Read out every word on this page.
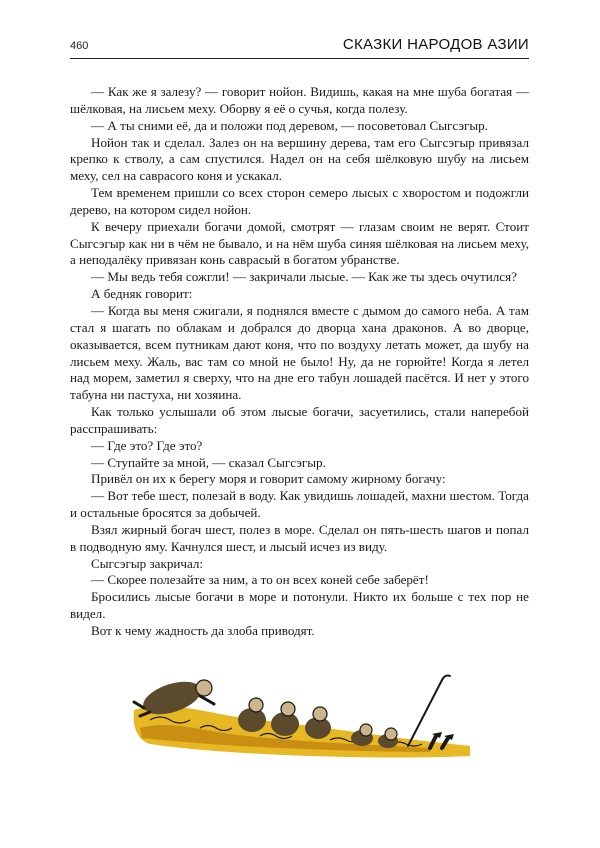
460	СКАЗКИ НАРОДОВ АЗИИ

— Как же я залезу? — говорит нойон. Видишь, какая на мне шуба богатая — шёлковая, на лисьем меху. Оборву я её о сучья, когда полезу.

— А ты сними её, да и положи под деревом, — посоветовал Сыгсэгыр.

Нойон так и сделал. Залез он на вершину дерева, там его Сыгсэгыр привязал крепко к стволу, а сам спустился. Надел он на себя шёлковую шубу на лисьем меху, сел на саврасого коня и ускакал.

Тем временем пришли со всех сторон семеро лысых с хворостом и подожгли дерево, на котором сидел нойон.

К вечеру приехали богачи домой, смотрят — глазам своим не верят. Стоит Сыгсэгыр как ни в чём не бывало, и на нём шуба синяя шёлковая на лисьем меху, а неподалёку привязан конь саврасый в богатом убранстве.

— Мы ведь тебя сожгли! — закричали лысые. — Как же ты здесь очутился?

А бедняк говорит:

— Когда вы меня сжигали, я поднялся вместе с дымом до самого неба. А там стал я шагать по облакам и добрался до дворца хана драконов. А во дворце, оказывается, всем путникам дают коня, что по воздуху летать может, да шубу на лисьем меху. Жаль, вас там со мной не было! Ну, да не горюйте! Когда я летел над морем, заметил я сверху, что на дне его табун лошадей пасётся. И нет у этого табуна ни пастуха, ни хозяина.

Как только услышали об этом лысые богачи, засуетились, стали наперебой расспрашивать:

— Где это? Где это?

— Ступайте за мной, — сказал Сыгсэгыр.

Привёл он их к берегу моря и говорит самому жирному богачу:

— Вот тебе шест, полезай в воду. Как увидишь лошадей, махни шестом. Тогда и остальные бросятся за добычей.

Взял жирный богач шест, полез в море. Сделал он пять-шесть шагов и попал в подводную яму. Качнулся шест, и лысый исчез из виду.

Сыгсэгыр закричал:

— Скорее полезайте за ним, а то он всех коней себе заберёт!

Бросились лысые богачи в море и потонули. Никто их больше с тех пор не видел.

Вот к чему жадность да злоба приводят.
